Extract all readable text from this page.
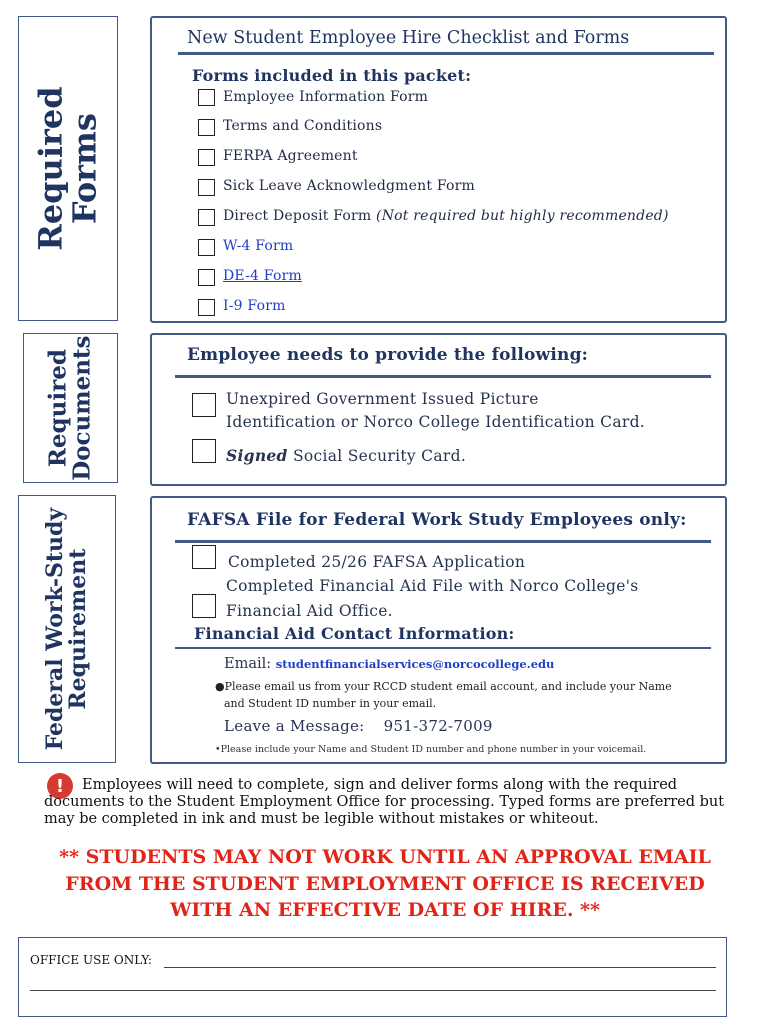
Required
Forms
Required
Documents
Federal Work-Study
Requirement
New Student Employee Hire Checklist and Forms
Forms included in this packet:
Employee Information Form
Terms and Conditions
FERPA Agreement
Sick Leave Acknowledgment Form
Direct Deposit Form (Not required but highly recommended)
W-4 Form
DE-4 Form
I-9 Form
Employee needs to provide the following:
Unexpired Government Issued Picture
Identification or Norco College Identification Card.
Signed Social Security Card.
FAFSA File for Federal Work Study Employees only:
Completed 25/26 FAFSA Application
Completed Financial Aid File with Norco College's
Financial Aid Office.
Financial Aid Contact Information:
Email: studentfinancialservices@norcocollege.edu
●Please email us from your RCCD student email account, and include your Name
and Student ID number in your email.
Leave a Message: 951-372-7009
•Please include your Name and Student ID number and phone number in your voicemail.
!	Employees will need to complete, sign and deliver forms along with the required
documents to the Student Employment Office for processing. Typed forms are preferred but
may be completed in ink and must be legible without mistakes or whiteout.
** STUDENTS MAY NOT WORK UNTIL AN APPROVAL EMAIL
FROM THE STUDENT EMPLOYMENT OFFICE IS RECEIVED
WITH AN EFFECTIVE DATE OF HIRE. **
OFFICE USE ONLY:
